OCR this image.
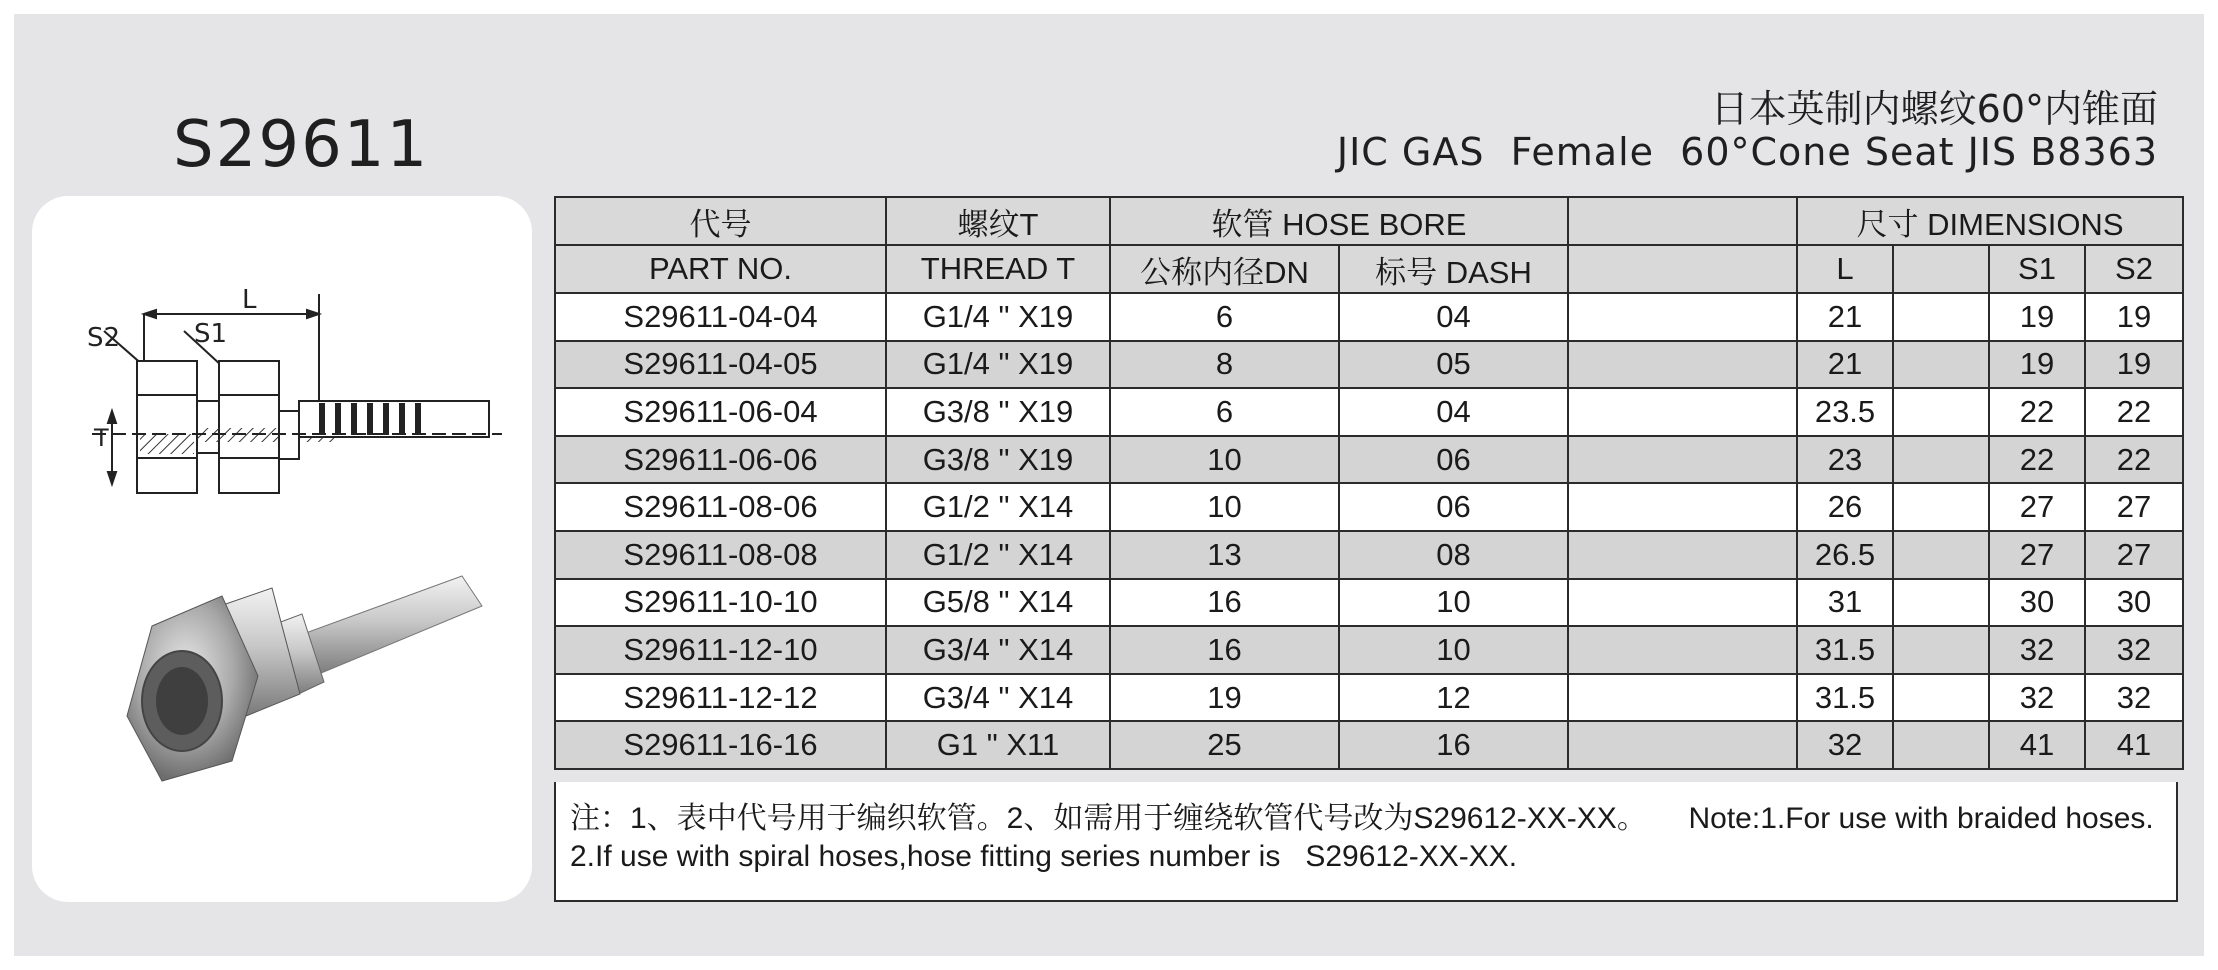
S29611	日本英制内螺纹60°内锥面
JIC GAS  Female  60°Cone Seat JIS B8363
S2	S1
L
T
代号	螺纹T	软管 HOSE BORE			尺寸 DIMENSIONS			
PART NO.	THREAD T	公称内径DN	标号 DASH		L		S1	S2
S29611-04-04	G1/4 " X19	6	04		21		19	19
S29611-04-05	G1/4 " X19	8	05		21		19	19
S29611-06-04	G3/8 " X19	6	04		23.5		22	22
S29611-06-06	G3/8 " X19	10	06		23		22	22
S29611-08-06	G1/2 " X14	10	06		26		27	27
S29611-08-08	G1/2 " X14	13	08		26.5		27	27
S29611-10-10	G5/8 " X14	16	10		31		30	30
S29611-12-10	G3/4 " X14	16	10		31.5		32	32
S29611-12-12	G3/4 " X14	19	12		31.5		32	32
S29611-16-16	G1 " X11	25	16		32		41	41
注：1、表中代号用于编织软管。2、如需用于缠绕软管代号改为S29612-XX-XX。     Note:1.For use with braided hoses.  2.If use with spiral hoses,hose fitting series number is   S29612-XX-XX.
